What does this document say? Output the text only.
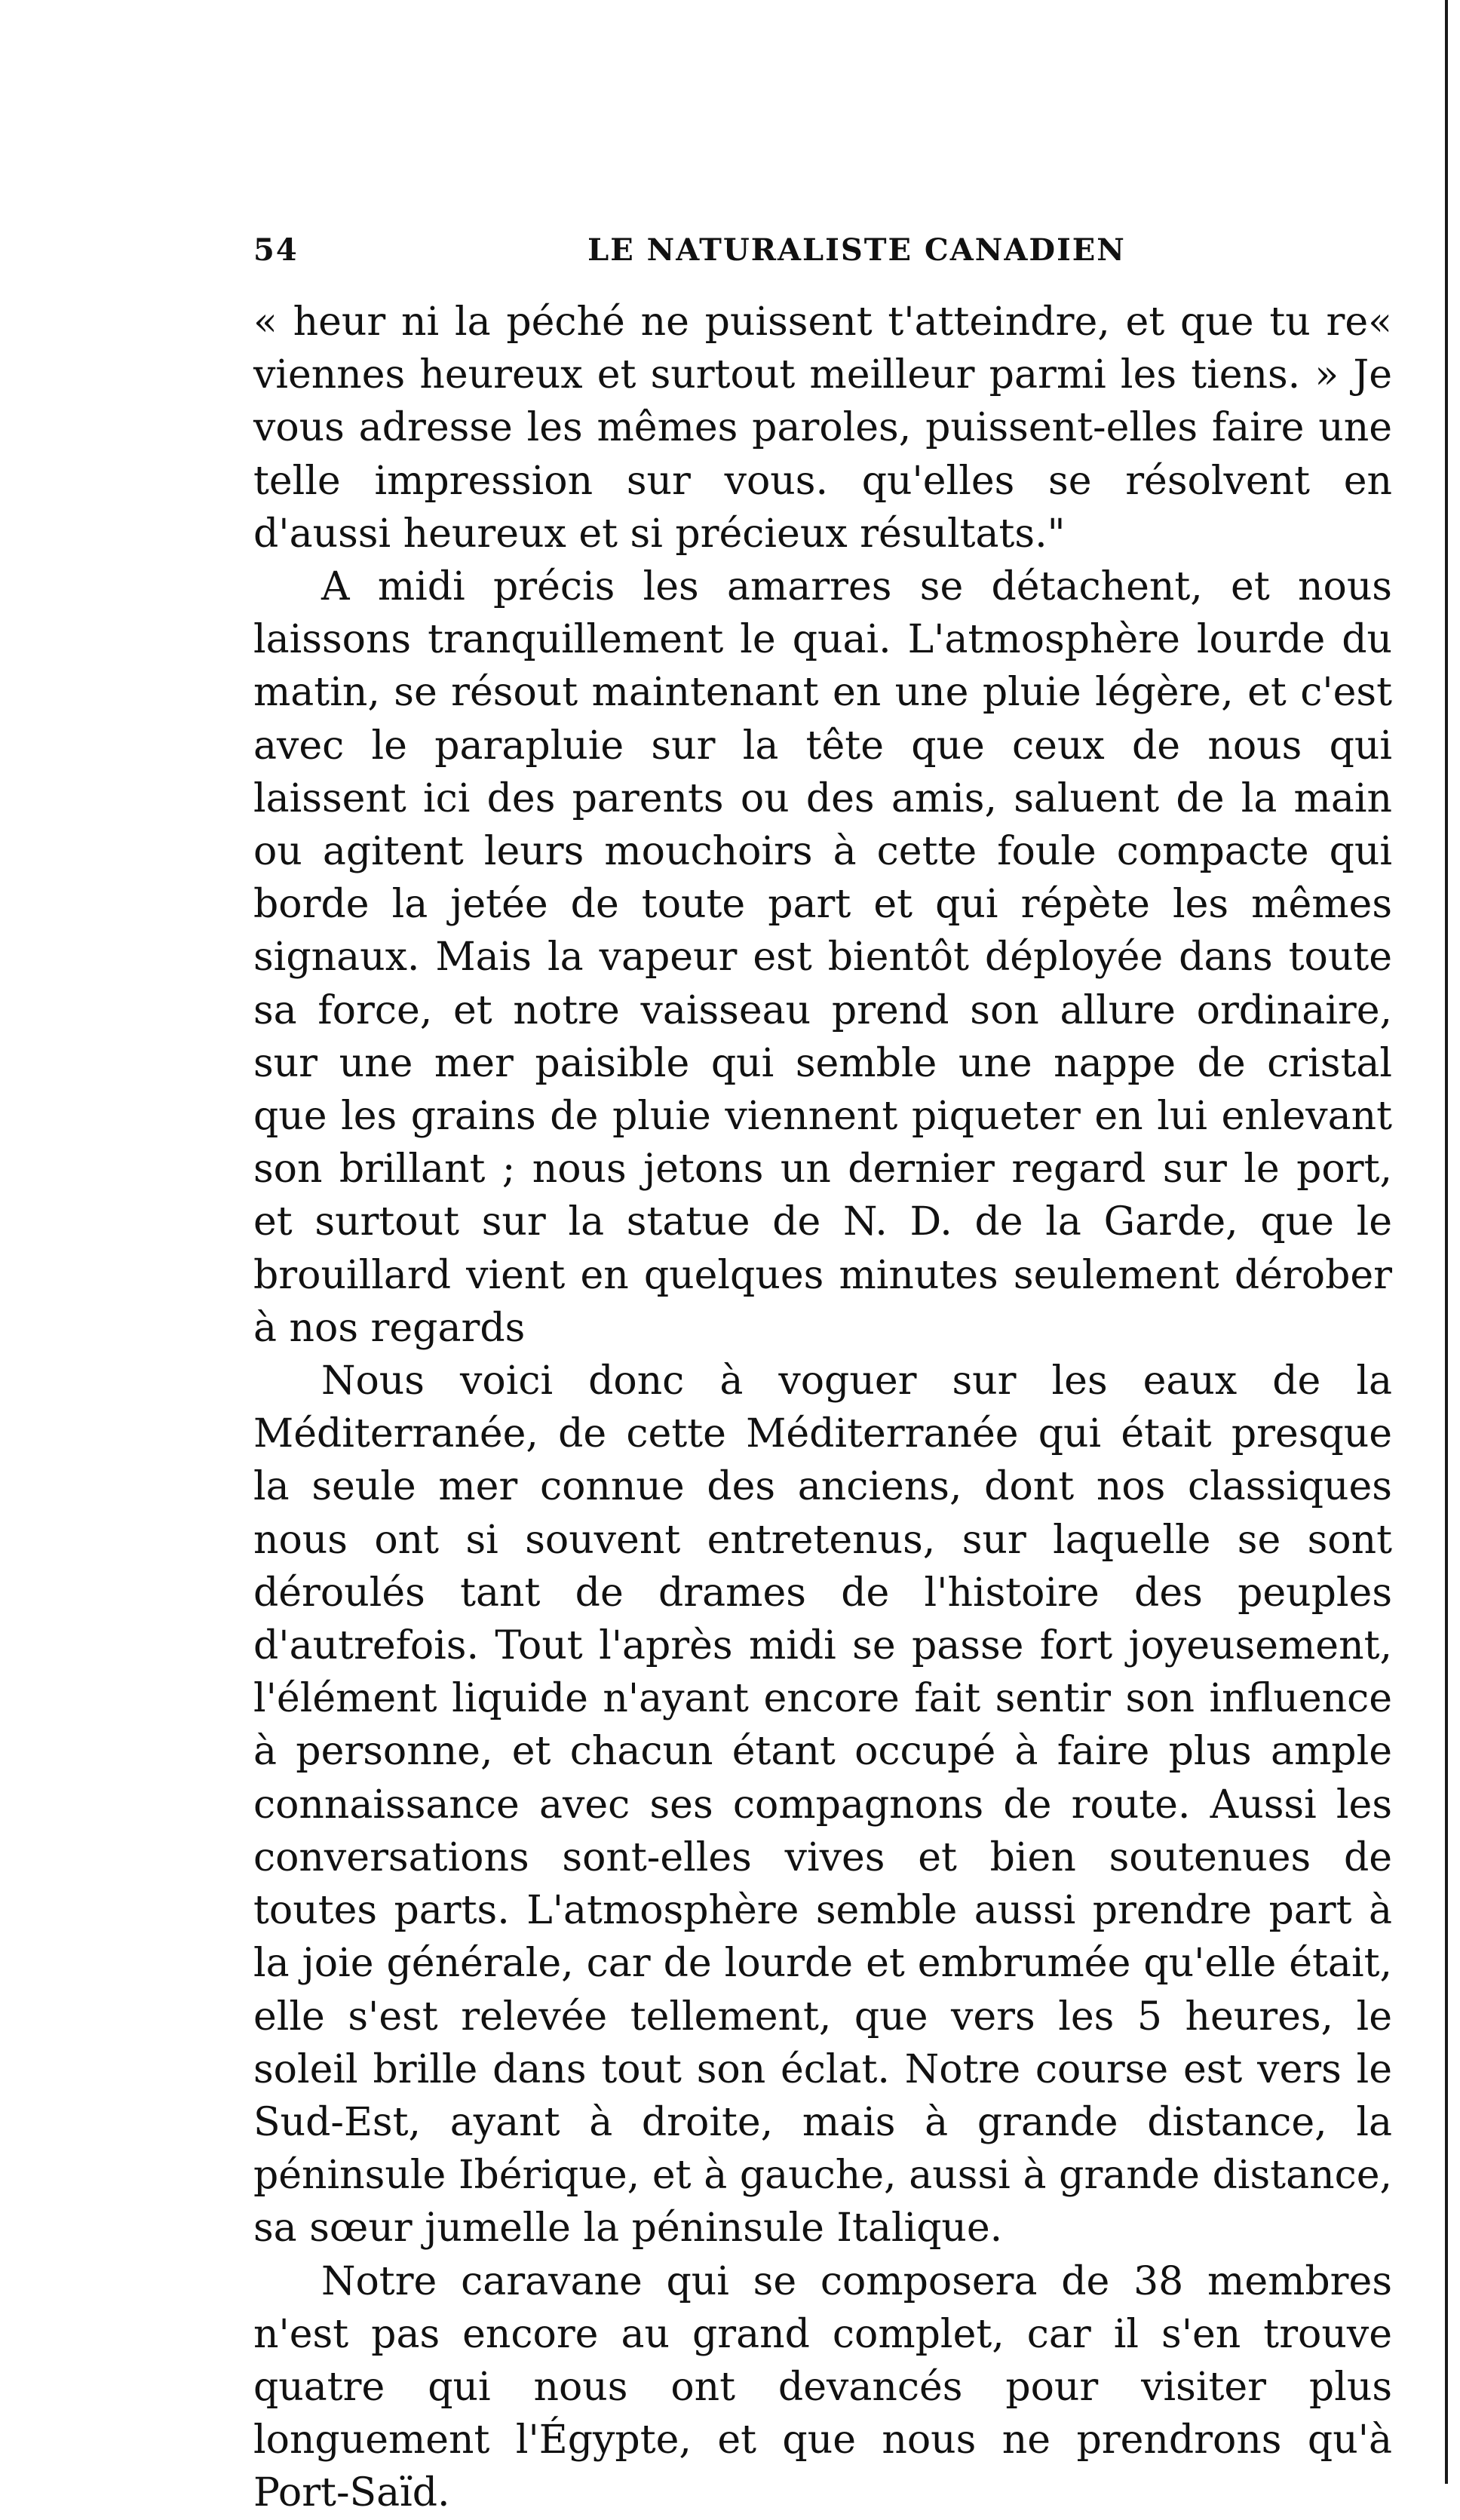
54	LE NATURALISTE CANADIEN

« heur ni la péché ne puissent t'atteindre, et que tu re« viennes heureux et surtout meilleur parmi les tiens. » Je vous adresse les mêmes paroles, puissent-elles faire une telle impression sur vous. qu'elles se résolvent en d'aussi heureux et si précieux résultats."

A midi précis les amarres se détachent, et nous laissons tranquillement le quai. L'atmosphère lourde du matin, se résout maintenant en une pluie légère, et c'est avec le parapluie sur la tête que ceux de nous qui laissent ici des parents ou des amis, saluent de la main ou agitent leurs mouchoirs à cette foule compacte qui borde la jetée de toute part et qui répète les mêmes signaux. Mais la vapeur est bientôt déployée dans toute sa force, et notre vaisseau prend son allure ordinaire, sur une mer paisible qui semble une nappe de cristal que les grains de pluie viennent piqueter en lui enlevant son brillant ; nous jetons un dernier regard sur le port, et surtout sur la statue de N. D. de la Garde, que le brouillard vient en quelques minutes seulement dérober à nos regards

Nous voici donc à voguer sur les eaux de la Méditerranée, de cette Méditerranée qui était presque la seule mer connue des anciens, dont nos classiques nous ont si souvent entretenus, sur laquelle se sont déroulés tant de drames de l'histoire des peuples d'autrefois. Tout l'après midi se passe fort joyeusement, l'élément liquide n'ayant encore fait sentir son influence à personne, et chacun étant occupé à faire plus ample connaissance avec ses compagnons de route. Aussi les conversations sont-elles vives et bien soutenues de toutes parts. L'atmosphère semble aussi prendre part à la joie générale, car de lourde et embrumée qu'elle était, elle s'est relevée tellement, que vers les 5 heures, le soleil brille dans tout son éclat. Notre course est vers le Sud-Est, ayant à droite, mais à grande distance, la péninsule Ibérique, et à gauche, aussi à grande distance, sa sœur jumelle la péninsule Italique.

Notre caravane qui se composera de 38 membres n'est pas encore au grand complet, car il s'en trouve quatre qui nous ont devancés pour visiter plus longuement l'Égypte, et que nous ne prendrons qu'à Port-Saïd.
